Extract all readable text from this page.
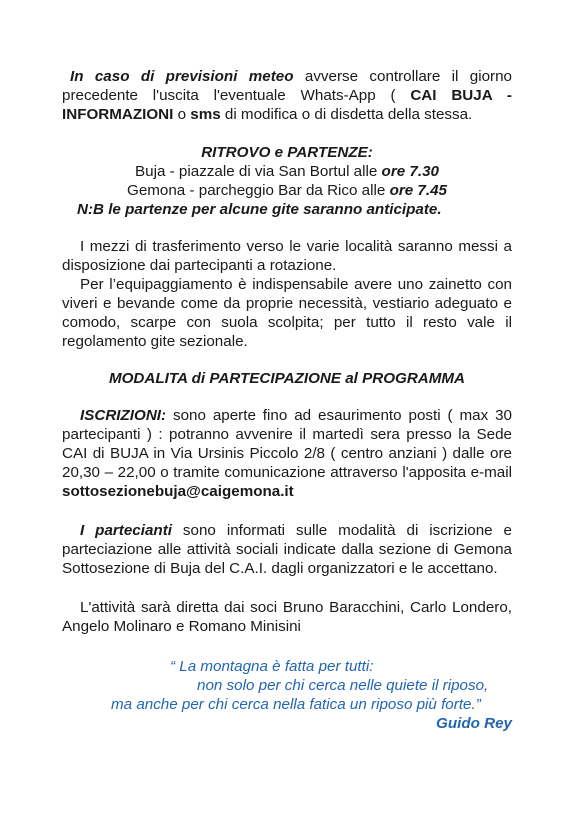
In caso di previsioni meteo avverse controllare il giorno precedente l'uscita l'eventuale Whats-App ( CAI BUJA - INFORMAZIONI o sms di modifica o di disdetta della stessa.

RITROVO e PARTENZE:

Buja - piazzale di via San Bortul alle ore 7.30

Gemona - parcheggio Bar da Rico alle ore 7.45

N:B le partenze per alcune gite saranno anticipate.

I mezzi di trasferimento verso le varie località saranno messi a disposizione dai partecipanti a rotazione.

Per l’equipaggiamento è indispensabile avere uno zainetto con viveri e bevande come da proprie necessità, vestiario adeguato e comodo, scarpe con suola scolpita; per tutto il resto vale il regolamento gite sezionale.

MODALITA di PARTECIPAZIONE al PROGRAMMA

ISCRIZIONI: sono aperte fino ad esaurimento posti ( max 30 partecipanti ) : potranno avvenire il martedì sera presso la Sede CAI di BUJA in Via Ursinis Piccolo 2/8 ( centro anziani ) dalle ore 20,30 – 22,00 o tramite comunicazione attraverso l'apposita e-mail sottosezionebuja@caigemona.it

I partecianti sono informati sulle modalità di iscrizione e parteciazione alle attività sociali indicate dalla sezione di Gemona Sottosezione di Buja del C.A.I. dagli organizzatori e le accettano.

L'attività sarà diretta dai soci Bruno Baracchini, Carlo Londero, Angelo Molinaro e Romano Minisini

“ La montagna è fatta per tutti:

non solo per chi cerca nelle quiete il riposo,

ma anche per chi cerca nella fatica un riposo più forte.”

Guido Rey
